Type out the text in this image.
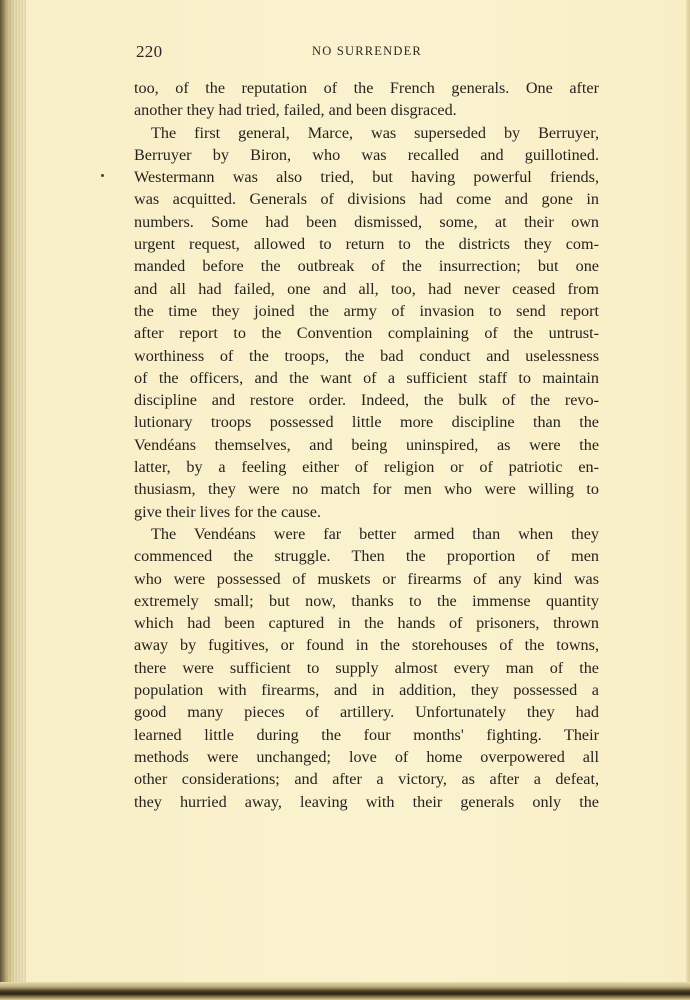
220	NO SURRENDER
too, of the reputation of the French generals. One after
another they had tried, failed, and been disgraced.
The first general, Marce, was superseded by Berruyer,
Berruyer by Biron, who was recalled and guillotined.
Westermann was also tried, but having powerful friends,
was acquitted. Generals of divisions had come and gone in
numbers. Some had been dismissed, some, at their own
urgent request, allowed to return to the districts they com-
manded before the outbreak of the insurrection; but one
and all had failed, one and all, too, had never ceased from
the time they joined the army of invasion to send report
after report to the Convention complaining of the untrust-
worthiness of the troops, the bad conduct and uselessness
of the officers, and the want of a sufficient staff to maintain
discipline and restore order. Indeed, the bulk of the revo-
lutionary troops possessed little more discipline than the
Vendéans themselves, and being uninspired, as were the
latter, by a feeling either of religion or of patriotic en-
thusiasm, they were no match for men who were willing to
give their lives for the cause.
The Vendéans were far better armed than when they
commenced the struggle. Then the proportion of men
who were possessed of muskets or firearms of any kind was
extremely small; but now, thanks to the immense quantity
which had been captured in the hands of prisoners, thrown
away by fugitives, or found in the storehouses of the towns,
there were sufficient to supply almost every man of the
population with firearms, and in addition, they possessed a
good many pieces of artillery. Unfortunately they had
learned little during the four months' fighting. Their
methods were unchanged; love of home overpowered all
other considerations; and after a victory, as after a defeat,
they hurried away, leaving with their generals only the
